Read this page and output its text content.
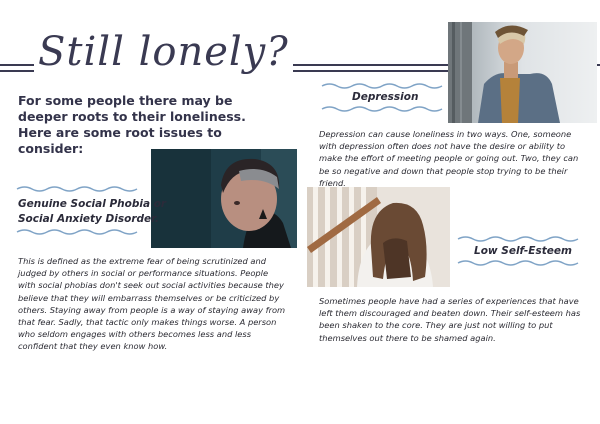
Still lonely?
For some people there may be deeper roots to their loneliness. Here are some root issues to consider:
Depression
Depression can cause loneliness in two ways. One, someone with depression often does not have the desire or ability to make the effort of meeting people or going out. Two, they can be so negative and down that people stop trying to be their friend.
Genuine Social Phobia or
Social Anxiety Disorder.
This is defined as the extreme fear of being scrutinized and judged by others in social or performance situations. People with social phobias don't seek out social activities because they believe that they will embarrass themselves or be criticized by others. Staying away from people is a way of staying away from that fear. Sadly, that tactic only makes things worse. A person who seldom engages with others becomes less and less confident that they even know how.
Low Self-Esteem
Sometimes people have had a series of experiences that have left them discouraged and beaten down. Their self-esteem has been shaken to the core. They are just not willing to put themselves out there to be shamed again.
